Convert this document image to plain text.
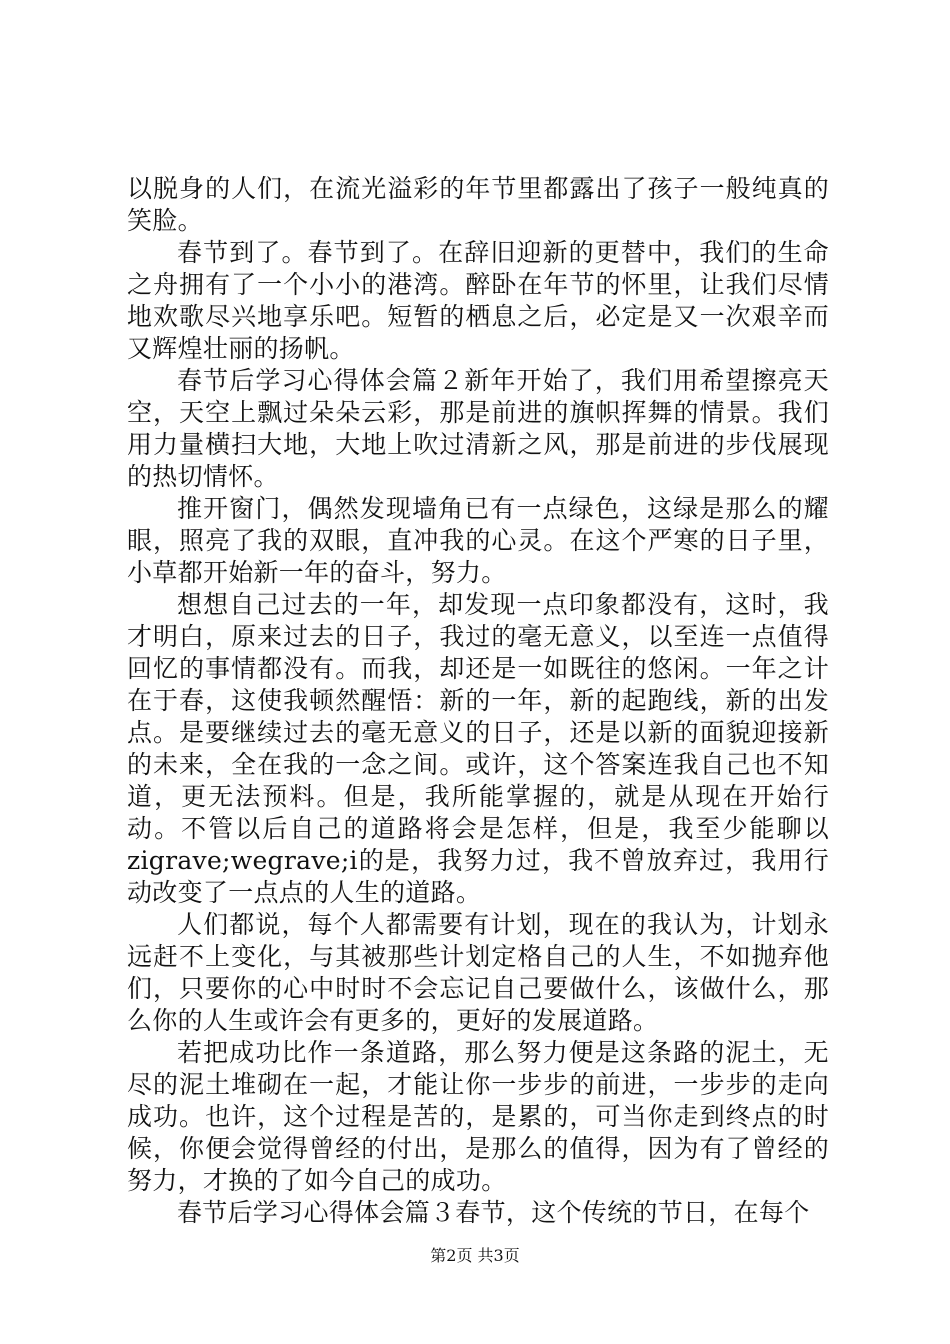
以脱身的人们，在流光溢彩的年节里都露出了孩子一般纯真的笑脸。

春节到了。春节到了。在辞旧迎新的更替中，我们的生命之舟拥有了一个小小的港湾。醉卧在年节的怀里，让我们尽情地欢歌尽兴地享乐吧。短暂的栖息之后，必定是又一次艰辛而又辉煌壮丽的扬帆。

春节后学习心得体会篇２新年开始了，我们用希望擦亮天空，天空上飘过朵朵云彩，那是前进的旗帜挥舞的情景。我们用力量横扫大地，大地上吹过清新之风，那是前进的步伐展现的热切情怀。

推开窗门，偶然发现墙角已有一点绿色，这绿是那么的耀眼，照亮了我的双眼，直冲我的心灵。在这个严寒的日子里，小草都开始新一年的奋斗，努力。

想想自己过去的一年，却发现一点印象都没有，这时，我才明白，原来过去的日子，我过的毫无意义，以至连一点值得回忆的事情都没有。而我，却还是一如既往的悠闲。一年之计在于春，这使我顿然醒悟：新的一年，新的起跑线，新的出发点。是要继续过去的毫无意义的日子，还是以新的面貌迎接新的未来，全在我的一念之间。或许，这个答案连我自己也不知道，更无法预料。但是，我所能掌握的，就是从现在开始行动。不管以后自己的道路将会是怎样，但是，我至少能聊以zigrave;wegrave;i的是，我努力过，我不曾放弃过，我用行动改变了一点点的人生的道路。

人们都说，每个人都需要有计划，现在的我认为，计划永远赶不上变化，与其被那些计划定格自己的人生，不如抛弃他们，只要你的心中时时不会忘记自己要做什么，该做什么，那么你的人生或许会有更多的，更好的发展道路。

若把成功比作一条道路，那么努力便是这条路的泥土，无尽的泥土堆砌在一起，才能让你一步步的前进，一步步的走向成功。也许，这个过程是苦的，是累的，可当你走到终点的时候，你便会觉得曾经的付出，是那么的值得，因为有了曾经的努力，才换的了如今自己的成功。

春节后学习心得体会篇３春节，这个传统的节日，在每个

第2页 共3页
